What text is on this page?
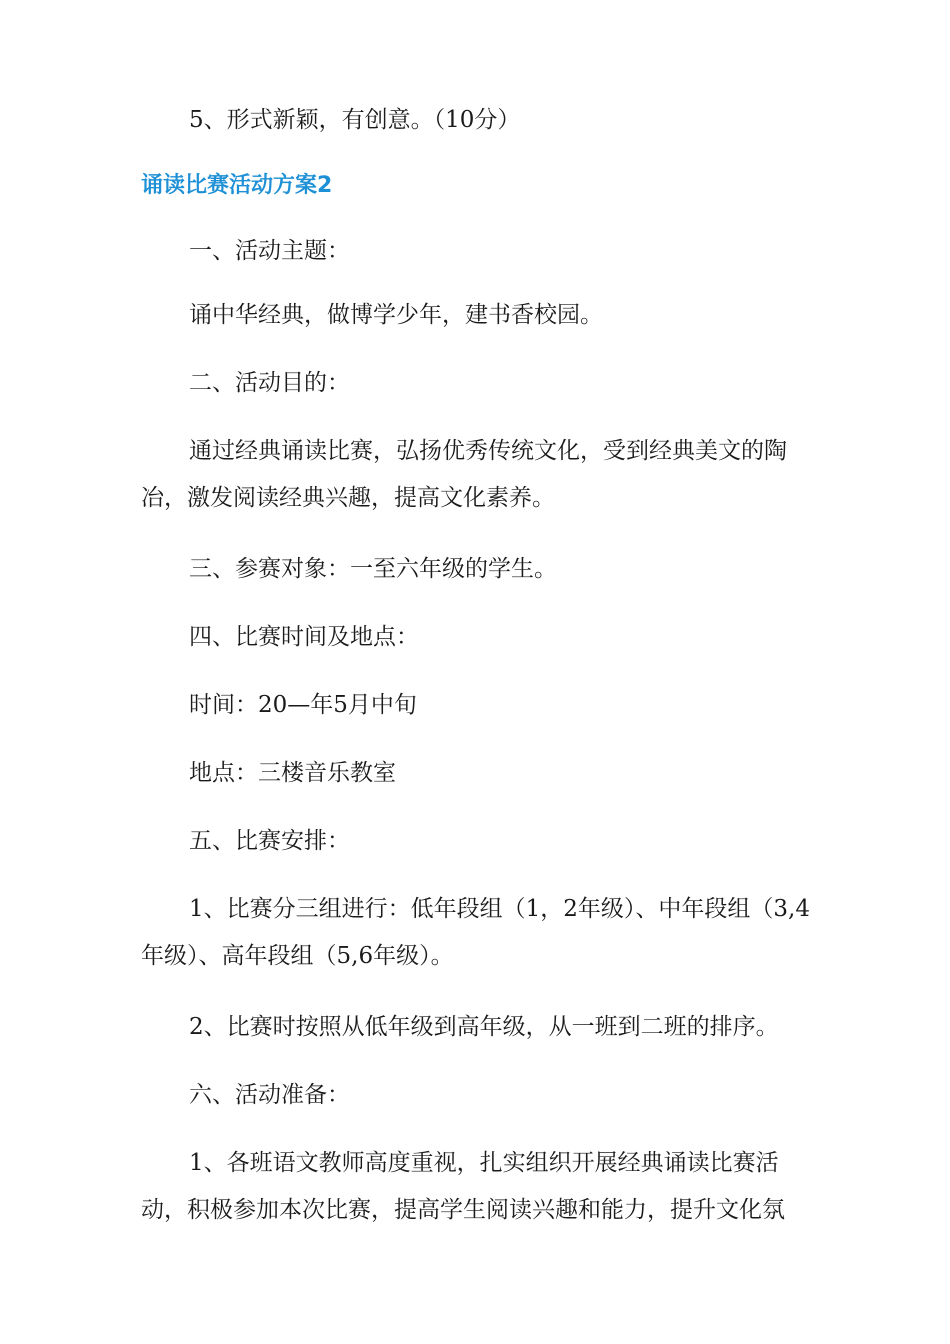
5、形式新颖，有创意。（10分）

诵读比赛活动方案2

一、活动主题：

诵中华经典，做博学少年，建书香校园。

二、活动目的：

通过经典诵读比赛，弘扬优秀传统文化，受到经典美文的陶冶，激发阅读经典兴趣，提高文化素养。

三、参赛对象：一至六年级的学生。

四、比赛时间及地点：

时间：20—年5月中旬

地点：三楼音乐教室

五、比赛安排：

1、比赛分三组进行：低年段组（1，2年级）、中年段组（3,4年级）、高年段组（5,6年级）。

2、比赛时按照从低年级到高年级，从一班到二班的排序。

六、活动准备：

1、各班语文教师高度重视，扎实组织开展经典诵读比赛活动，积极参加本次比赛，提高学生阅读兴趣和能力，提升文化氛
